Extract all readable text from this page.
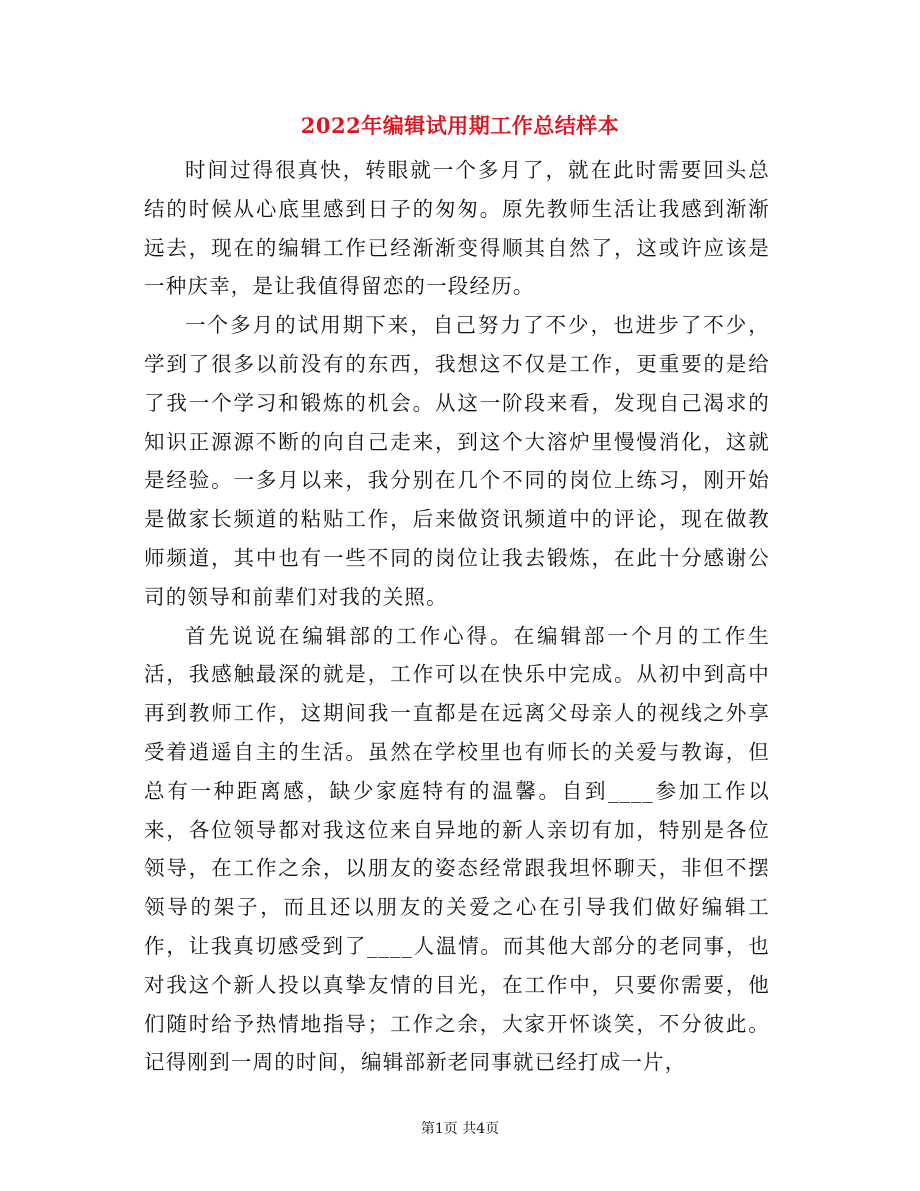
2022年编辑试用期工作总结样本

时间过得很真快，转眼就一个多月了，就在此时需要回头总结的时候从心底里感到日子的匆匆。原先教师生活让我感到渐渐远去，现在的编辑工作已经渐渐变得顺其自然了，这或许应该是一种庆幸，是让我值得留恋的一段经历。

一个多月的试用期下来，自己努力了不少，也进步了不少，学到了很多以前没有的东西，我想这不仅是工作，更重要的是给了我一个学习和锻炼的机会。从这一阶段来看，发现自己渴求的知识正源源不断的向自己走来，到这个大溶炉里慢慢消化，这就是经验。一多月以来，我分别在几个不同的岗位上练习，刚开始是做家长频道的粘贴工作，后来做资讯频道中的评论，现在做教师频道，其中也有一些不同的岗位让我去锻炼，在此十分感谢公司的领导和前辈们对我的关照。

首先说说在编辑部的工作心得。在编辑部一个月的工作生活，我感触最深的就是，工作可以在快乐中完成。从初中到高中再到教师工作，这期间我一直都是在远离父母亲人的视线之外享受着逍遥自主的生活。虽然在学校里也有师长的关爱与教诲，但总有一种距离感，缺少家庭特有的温馨。自到____参加工作以来，各位领导都对我这位来自异地的新人亲切有加，特别是各位领导，在工作之余，以朋友的姿态经常跟我坦怀聊天，非但不摆领导的架子，而且还以朋友的关爱之心在引导我们做好编辑工作，让我真切感受到了____人温情。而其他大部分的老同事，也对我这个新人投以真挚友情的目光，在工作中，只要你需要，他们随时给予热情地指导；工作之余，大家开怀谈笑，不分彼此。记得刚到一周的时间，编辑部新老同事就已经打成一片，

第1页 共4页
